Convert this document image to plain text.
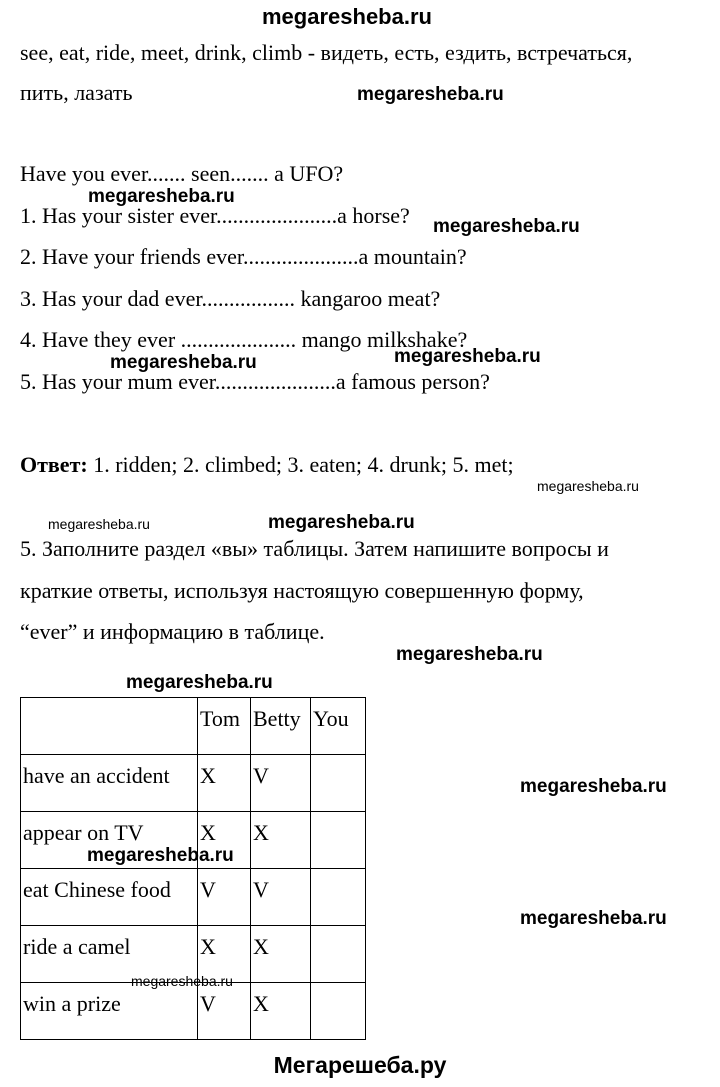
megaresheba.ru
megaresheba.ru
megaresheba.ru
megaresheba.ru
megaresheba.ru	megaresheba.ru
megaresheba.ru
megaresheba.ru	megaresheba.ru
megaresheba.ru
megaresheba.ru
megaresheba.ru
megaresheba.ru
megaresheba.ru
megaresheba.ru
see, eat, ride, meet, drink, climb - видеть, есть, ездить, встречаться,
пить, лазать
Have you ever....... seen....... a UFO?
1. Has your sister ever......................a horse?
2. Have your friends ever.....................a mountain?
3. Has your dad ever................. kangaroo meat?
4. Have they ever ..................... mango milkshake?
5. Has your mum ever......................a famous person?
Ответ: 1. ridden; 2. climbed; 3. eaten; 4. drunk; 5. met;
5. Заполните раздел «вы» таблицы. Затем напишите вопросы и
краткие ответы, используя настоящую совершенную форму,
“ever” и информацию в таблице.

	Tom	Betty	You

have an accident	X	V	

appear on TV	X	X	

eat Chinese food	V	V	

ride a camel	X	X	

win a prize	V	X	

Мегарешеба.ру
